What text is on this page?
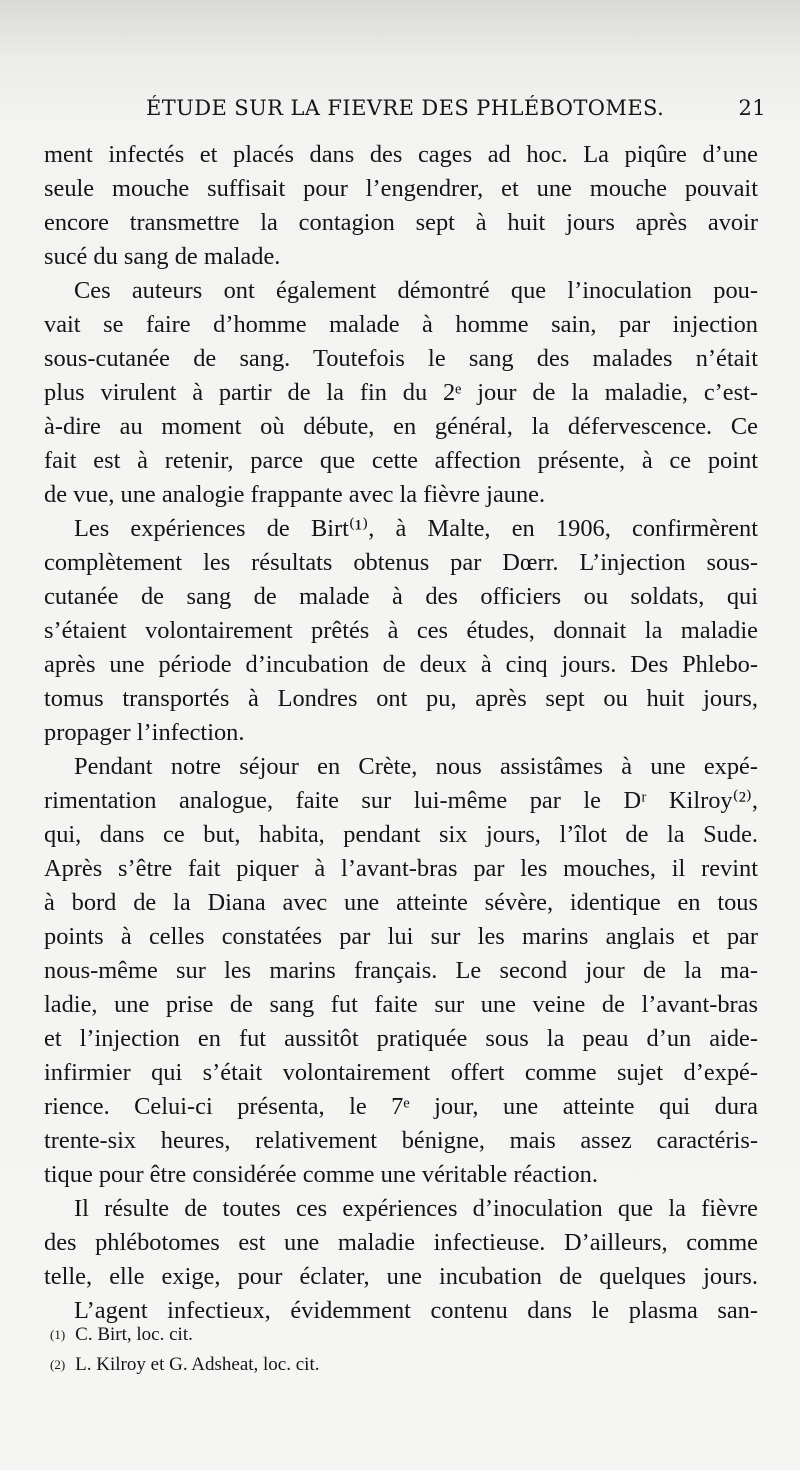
ÉTUDE SUR LA FIEVRE DES PHLÉBOTOMES.	21
ment infectés et placés dans des cages ad hoc. La piqûre d’une
seule mouche suffisait pour l’engendrer, et une mouche pouvait
encore transmettre la contagion sept à huit jours après avoir
sucé du sang de malade.
Ces auteurs ont également démontré que l’inoculation pou-
vait se faire d’homme malade à homme sain, par injection
sous-cutanée de sang. Toutefois le sang des malades n’était
plus virulent à partir de la fin du 2ᵉ jour de la maladie, c’est-
à-dire au moment où débute, en général, la défervescence. Ce
fait est à retenir, parce que cette affection présente, à ce point
de vue, une analogie frappante avec la fièvre jaune.
Les expériences de Birt⁽¹⁾, à Malte, en 1906, confirmèrent
complètement les résultats obtenus par Dœrr. L’injection sous-
cutanée de sang de malade à des officiers ou soldats, qui
s’étaient volontairement prêtés à ces études, donnait la maladie
après une période d’incubation de deux à cinq jours. Des Phlebo-
tomus transportés à Londres ont pu, après sept ou huit jours,
propager l’infection.
Pendant notre séjour en Crète, nous assistâmes à une expé-
rimentation analogue, faite sur lui-même par le Dʳ Kilroy⁽²⁾,
qui, dans ce but, habita, pendant six jours, l’îlot de la Sude.
Après s’être fait piquer à l’avant-bras par les mouches, il revint
à bord de la Diana avec une atteinte sévère, identique en tous
points à celles constatées par lui sur les marins anglais et par
nous-même sur les marins français. Le second jour de la ma-
ladie, une prise de sang fut faite sur une veine de l’avant-bras
et l’injection en fut aussitôt pratiquée sous la peau d’un aide-
infirmier qui s’était volontairement offert comme sujet d’expé-
rience. Celui-ci présenta, le 7ᵉ jour, une atteinte qui dura
trente-six heures, relativement bénigne, mais assez caractéris-
tique pour être considérée comme une véritable réaction.
Il résulte de toutes ces expériences d’inoculation que la fièvre
des phlébotomes est une maladie infectieuse. D’ailleurs, comme
telle, elle exige, pour éclater, une incubation de quelques jours.
L’agent infectieux, évidemment contenu dans le plasma san-
$^{(1)}$ C. Birt, loc. cit.
$^{(2)}$ L. Kilroy et G. Adsheat, loc. cit.
